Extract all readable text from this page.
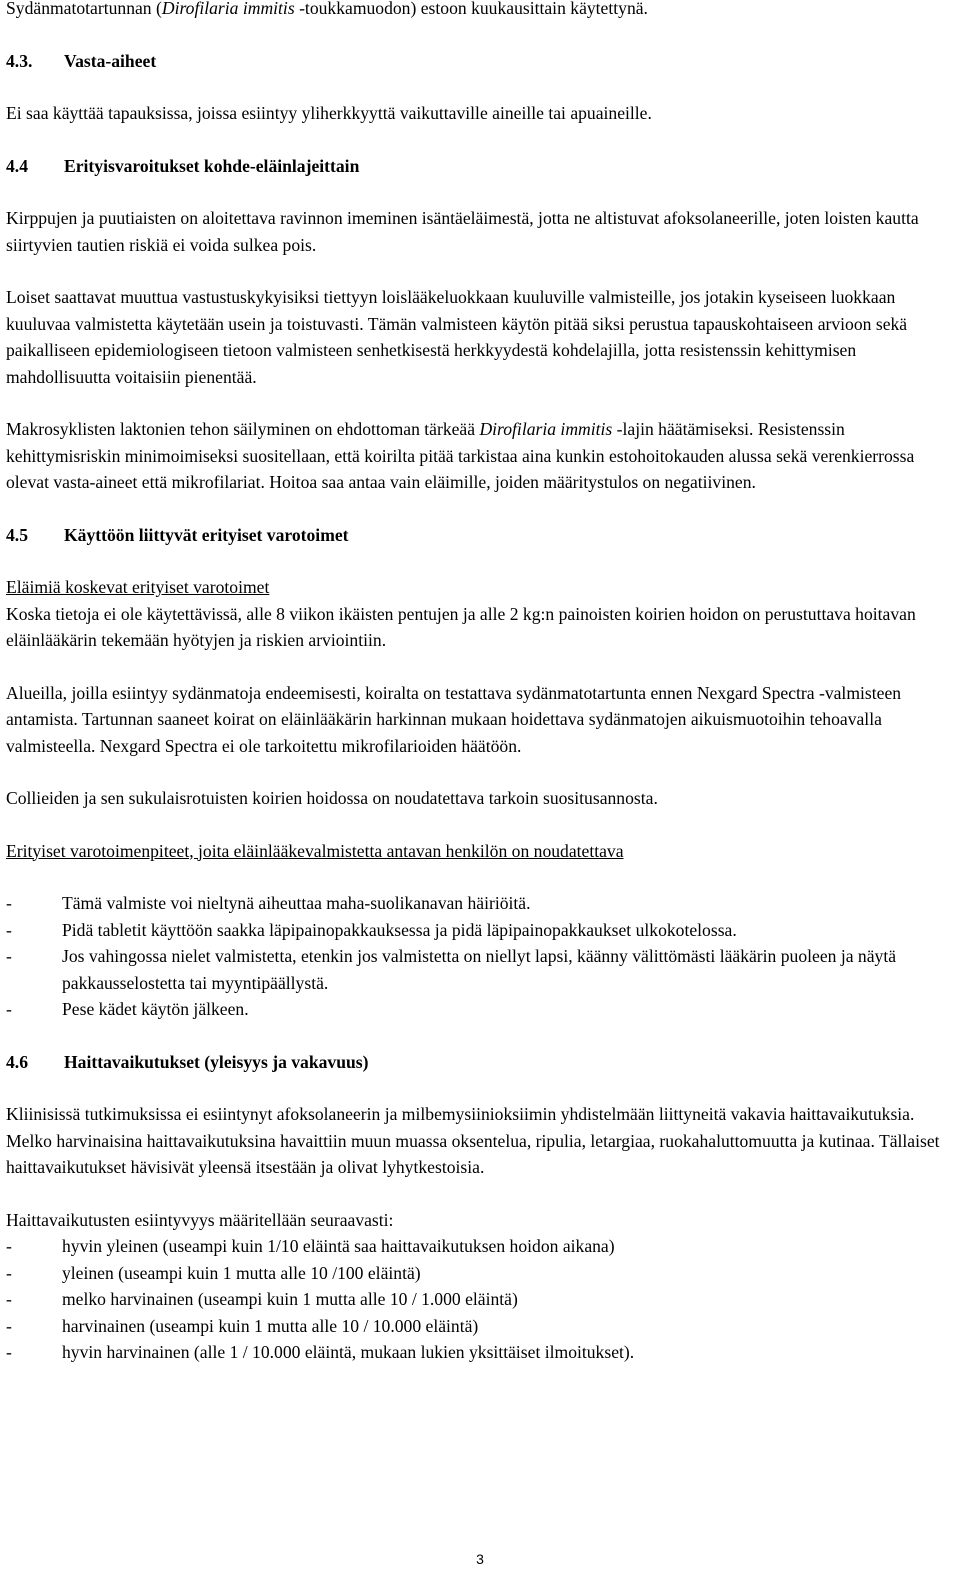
Sydänmatotartunnan (Dirofilaria immitis -toukkamuodon) estoon kuukausittain käytettynä.

4.3. Vasta-aiheet

Ei saa käyttää tapauksissa, joissa esiintyy yliherkkyyttä vaikuttaville aineille tai apuaineille.

4.4 Erityisvaroitukset kohde-eläinlajeittain

Kirppujen ja puutiaisten on aloitettava ravinnon imeminen isäntäeläimestä, jotta ne altistuvat afoksolaneerille, joten loisten kautta siirtyvien tautien riskiä ei voida sulkea pois.

Loiset saattavat muuttua vastustuskykyisiksi tiettyyn loislääkeluokkaan kuuluville valmisteille, jos jotakin kyseiseen luokkaan kuuluvaa valmistetta käytetään usein ja toistuvasti. Tämän valmisteen käytön pitää siksi perustua tapauskohtaiseen arvioon sekä paikalliseen epidemiologiseen tietoon valmisteen senhetkisestä herkkyydestä kohdelajilla, jotta resistenssin kehittymisen mahdollisuutta voitaisiin pienentää.

Makrosyklisten laktonien tehon säilyminen on ehdottoman tärkeää Dirofilaria immitis -lajin häätämiseksi. Resistenssin kehittymisriskin minimoimiseksi suositellaan, että koirilta pitää tarkistaa aina kunkin estohoitokauden alussa sekä verenkierrossa olevat vasta-aineet että mikrofilariat. Hoitoa saa antaa vain eläimille, joiden määritystulos on negatiivinen.

4.5 Käyttöön liittyvät erityiset varotoimet

Eläimiä koskevat erityiset varotoimet

Koska tietoja ei ole käytettävissä, alle 8 viikon ikäisten pentujen ja alle 2 kg:n painoisten koirien hoidon on perustuttava hoitavan eläinlääkärin tekemään hyötyjen ja riskien arviointiin.

Alueilla, joilla esiintyy sydänmatoja endeemisesti, koiralta on testattava sydänmatotartunta ennen Nexgard Spectra -valmisteen antamista. Tartunnan saaneet koirat on eläinlääkärin harkinnan mukaan hoidettava sydänmatojen aikuismuotoihin tehoavalla valmisteella. Nexgard Spectra ei ole tarkoitettu mikrofilarioiden häätöön.

Collieiden ja sen sukulaisrotuisten koirien hoidossa on noudatettava tarkoin suositusannosta.

Erityiset varotoimenpiteet, joita eläinlääkevalmistetta antavan henkilön on noudatettava

-	Tämä valmiste voi nieltynä aiheuttaa maha-suolikanavan häiriöitä.

-	Pidä tabletit käyttöön saakka läpipainopakkauksessa ja pidä läpipainopakkaukset ulkokotelossa.

-	Jos vahingossa nielet valmistetta, etenkin jos valmistetta on niellyt lapsi, käänny välittömästi lääkärin puoleen ja näytä pakkausselostetta tai myyntipäällystä.

-	Pese kädet käytön jälkeen.

4.6 Haittavaikutukset (yleisyys ja vakavuus)

Kliinisissä tutkimuksissa ei esiintynyt afoksolaneerin ja milbemysiinioksiimin yhdistelmään liittyneitä vakavia haittavaikutuksia. Melko harvinaisina haittavaikutuksina havaittiin muun muassa oksentelua, ripulia, letargiaa, ruokahaluttomuutta ja kutinaa. Tällaiset haittavaikutukset hävisivät yleensä itsestään ja olivat lyhytkestoisia.

Haittavaikutusten esiintyvyys määritellään seuraavasti:

-	hyvin yleinen (useampi kuin 1/10 eläintä saa haittavaikutuksen hoidon aikana)

-	yleinen (useampi kuin 1 mutta alle 10 /100 eläintä)

-	melko harvinainen (useampi kuin 1 mutta alle 10 / 1.000 eläintä)

-	harvinainen (useampi kuin 1 mutta alle 10 / 10.000 eläintä)

-	hyvin harvinainen (alle 1 / 10.000 eläintä, mukaan lukien yksittäiset ilmoitukset).

3
